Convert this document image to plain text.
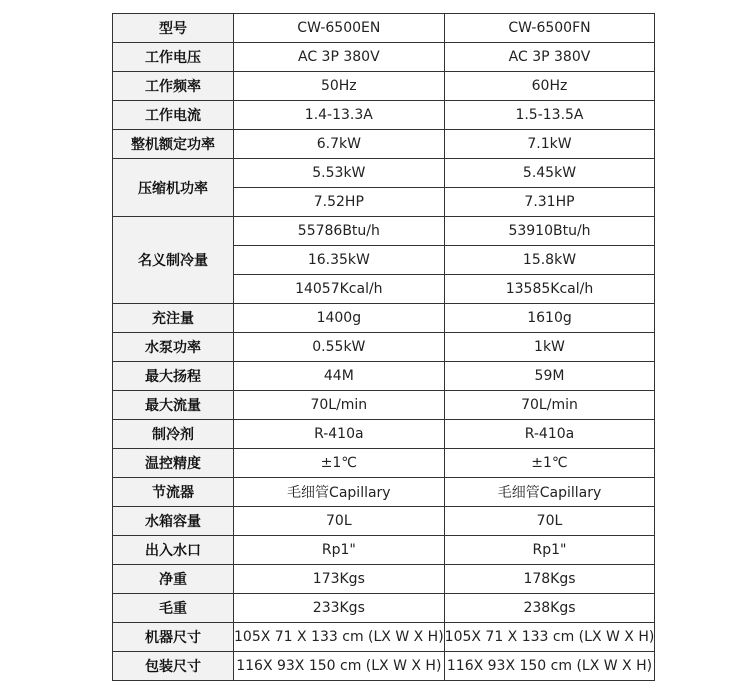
型号	CW-6500EN	CW-6500FN
工作电压	AC 3P 380V	AC 3P 380V
工作频率	50Hz	60Hz
工作电流	1.4-13.3A	1.5-13.5A
整机额定功率	6.7kW	7.1kW
压缩机功率	5.53kW	5.45kW
	7.52HP	7.31HP
名义制冷量	55786Btu/h	53910Btu/h
	16.35kW	15.8kW
	14057Kcal/h	13585Kcal/h
充注量	1400g	1610g
水泵功率	0.55kW	1kW
最大扬程	44M	59M
最大流量	70L/min	70L/min
制冷剂	R-410a	R-410a
温控精度	±1℃	±1℃
节流器	毛细管Capillary	毛细管Capillary
水箱容量	70L	70L
出入水口	Rp1"	Rp1"
净重	173Kgs	178Kgs
毛重	233Kgs	238Kgs
机器尺寸	105X 71 X 133 cm (LX W X H)	105X 71 X 133 cm (LX W X H)
包装尺寸	116X 93X 150 cm (LX W X H)	116X 93X 150 cm (LX W X H)
